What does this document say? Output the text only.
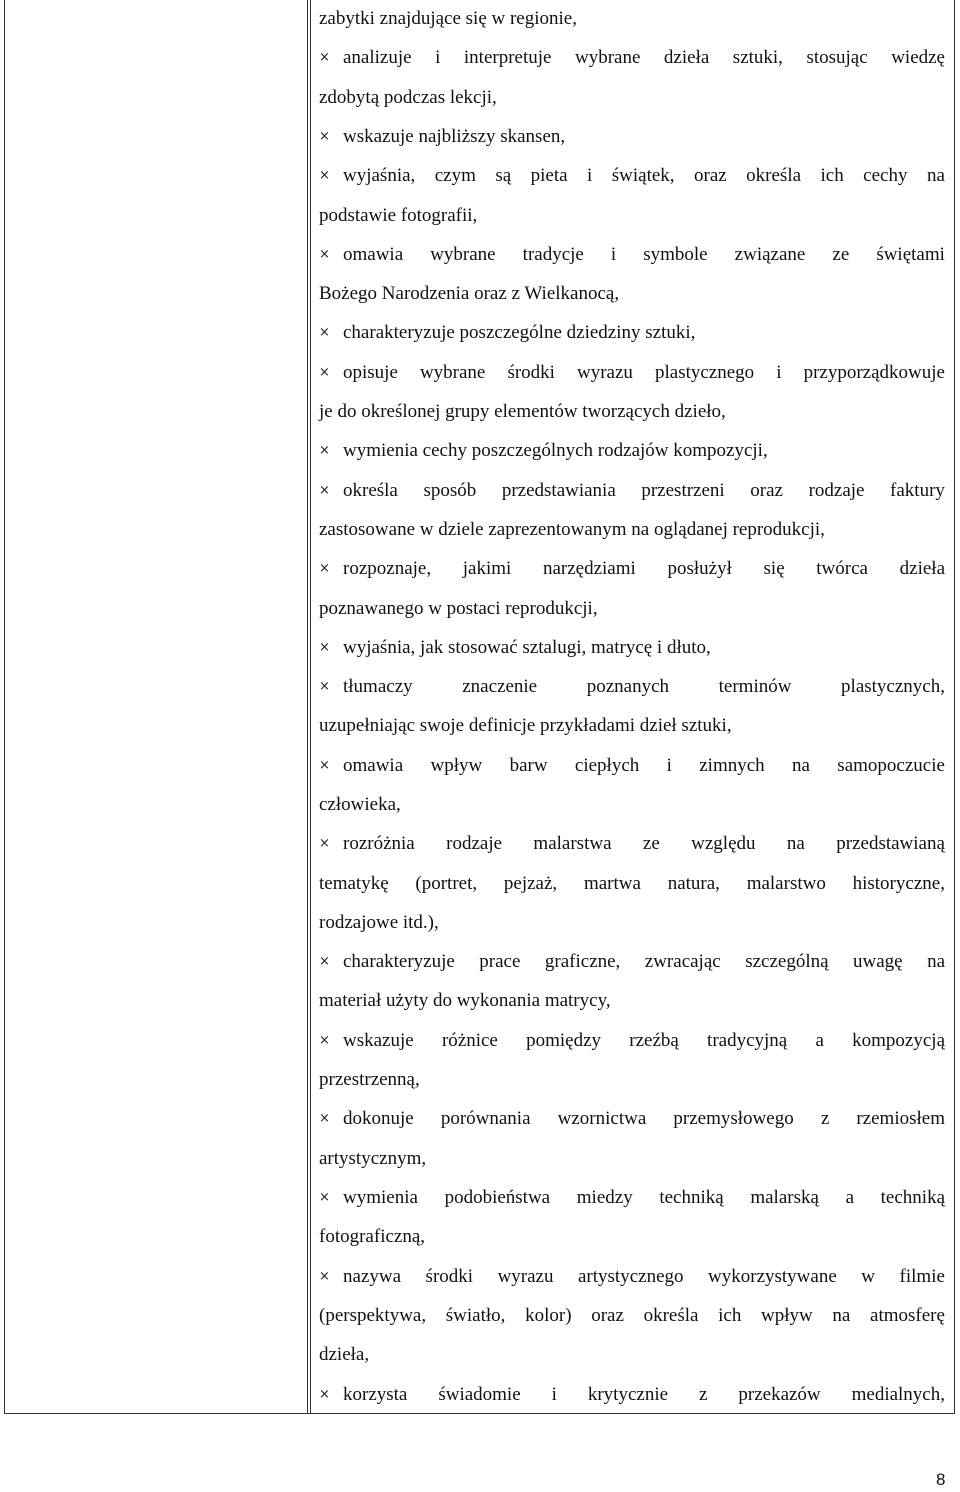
zabytki znajdujące się w regionie,
× analizuje i interpretuje wybrane dzieła sztuki, stosując wiedzę
zdobytą podczas lekcji,
× wskazuje najbliższy skansen,
× wyjaśnia, czym są pieta i świątek, oraz określa ich cechy na
podstawie fotografii,
× omawia wybrane tradycje i symbole związane ze świętami
Bożego Narodzenia oraz z Wielkanocą,
× charakteryzuje poszczególne dziedziny sztuki,
× opisuje wybrane środki wyrazu plastycznego i przyporządkowuje
je do określonej grupy elementów tworzących dzieło,
× wymienia cechy poszczególnych rodzajów kompozycji,
× określa sposób przedstawiania przestrzeni oraz rodzaje faktury
zastosowane w dziele zaprezentowanym na oglądanej reprodukcji,
× rozpoznaje, jakimi narzędziami posłużył się twórca dzieła
poznawanego w postaci reprodukcji,
× wyjaśnia, jak stosować sztalugi, matrycę i dłuto,
× tłumaczy	znaczenie	poznanych	terminów	plastycznych,
uzupełniając swoje definicje przykładami dzieł sztuki,
× omawia wpływ barw ciepłych i zimnych na samopoczucie
człowieka,
× rozróżnia rodzaje malarstwa ze względu na przedstawianą
tematykę (portret, pejzaż, martwa natura, malarstwo historyczne,
rodzajowe itd.),
× charakteryzuje prace graficzne, zwracając szczególną uwagę na
materiał użyty do wykonania matrycy,
× wskazuje różnice pomiędzy rzeźbą tradycyjną a kompozycją
przestrzenną,
× dokonuje porównania wzornictwa przemysłowego z rzemiosłem
artystycznym,
× wymienia podobieństwa miedzy techniką malarską a techniką
fotograficzną,
× nazywa środki wyrazu artystycznego wykorzystywane w filmie
(perspektywa, światło, kolor) oraz określa ich wpływ na atmosferę
dzieła,
× korzysta świadomie i krytycznie z przekazów medialnych,
8
